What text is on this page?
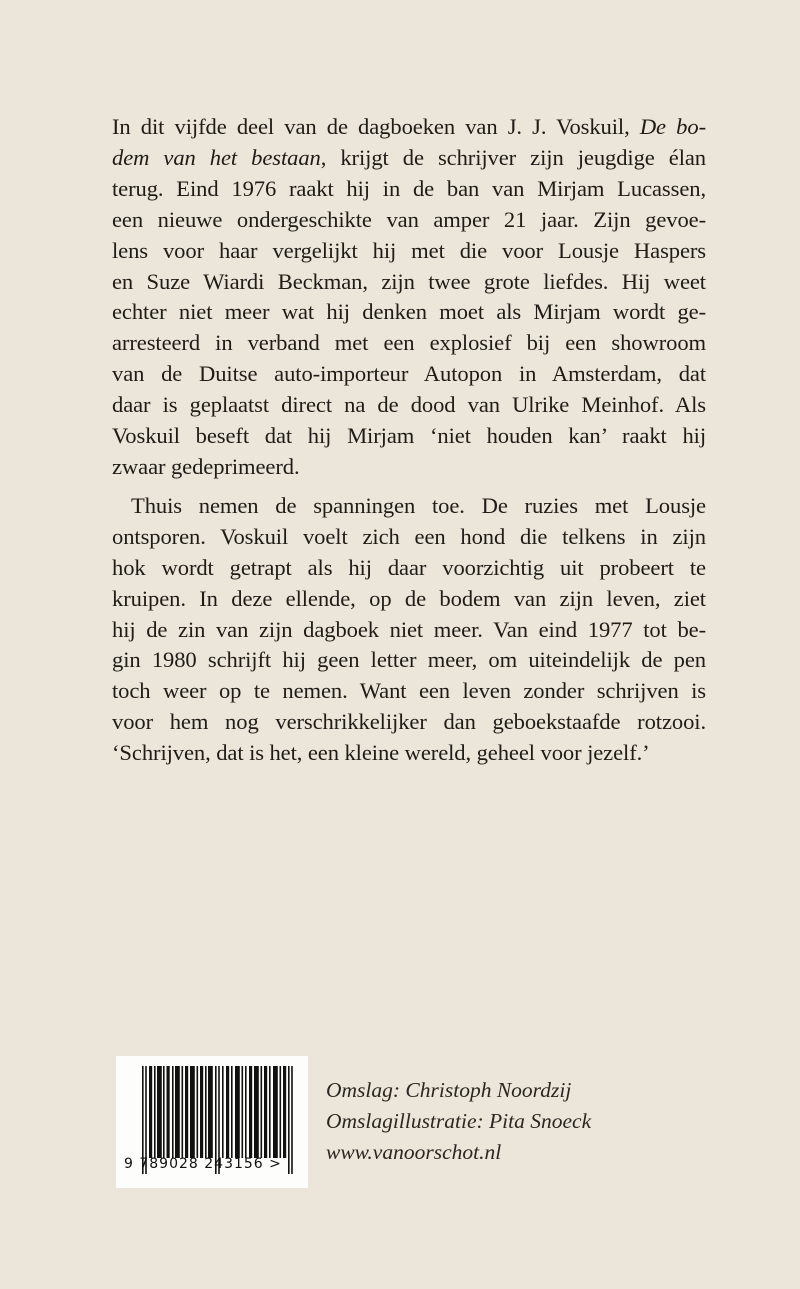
In dit vijfde deel van de dagboeken van J. J. Voskuil, De bo-
dem van het bestaan, krijgt de schrijver zijn jeugdige élan
terug. Eind 1976 raakt hij in de ban van Mirjam Lucassen,
een nieuwe ondergeschikte van amper 21 jaar. Zijn gevoe-
lens voor haar vergelijkt hij met die voor Lousje Haspers
en Suze Wiardi Beckman, zijn twee grote liefdes. Hij weet
echter niet meer wat hij denken moet als Mirjam wordt ge-
arresteerd in verband met een explosief bij een showroom
van de Duitse auto-importeur Autopon in Amsterdam, dat
daar is geplaatst direct na de dood van Ulrike Meinhof. Als
Voskuil beseft dat hij Mirjam ‘niet houden kan’ raakt hij
zwaar gedeprimeerd.
Thuis nemen de spanningen toe. De ruzies met Lousje
ontsporen. Voskuil voelt zich een hond die telkens in zijn
hok wordt getrapt als hij daar voorzichtig uit probeert te
kruipen. In deze ellende, op de bodem van zijn leven, ziet
hij de zin van zijn dagboek niet meer. Van eind 1977 tot be-
gin 1980 schrijft hij geen letter meer, om uiteindelijk de pen
toch weer op te nemen. Want een leven zonder schrijven is
voor hem nog verschrikkelijker dan geboekstaafde rotzooi.
‘Schrijven, dat is het, een kleine wereld, geheel voor jezelf.’
9 789028 243156 >
Omslag: Christoph Noordzij
Omslagillustratie: Pita Snoeck
www.vanoorschot.nl
